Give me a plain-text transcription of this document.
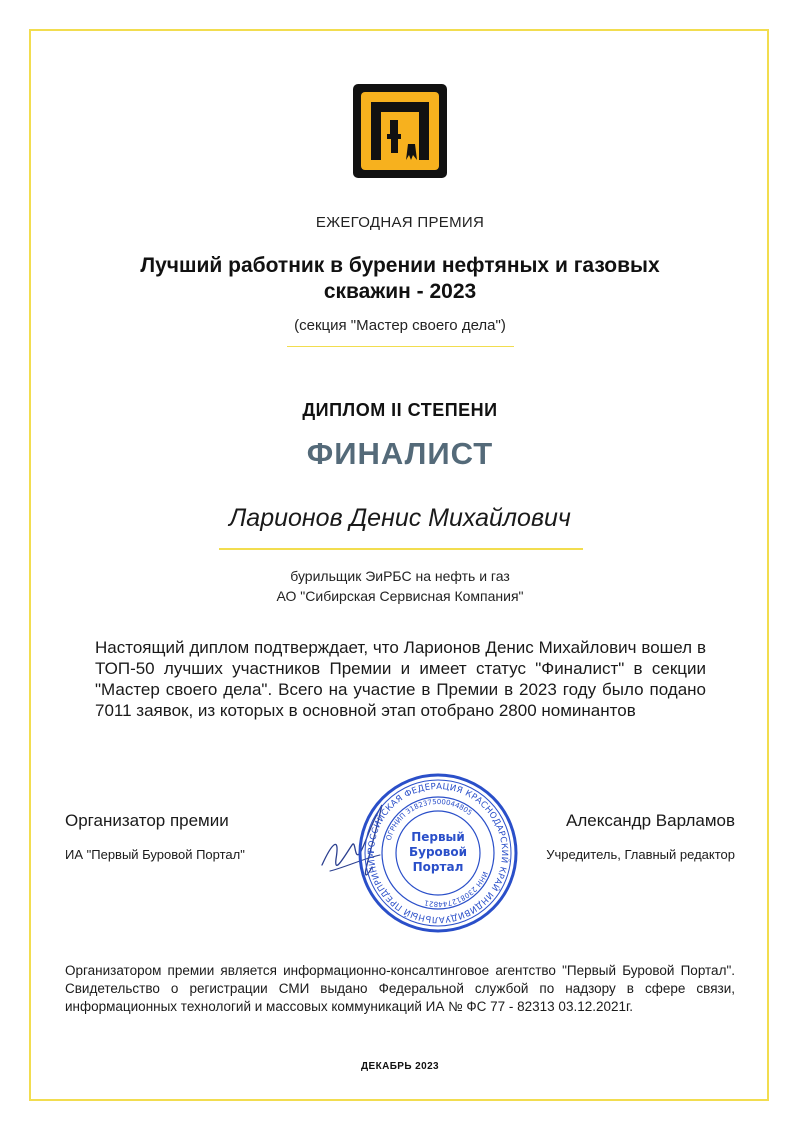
ЕЖЕГОДНАЯ ПРЕМИЯ
Лучший работник в бурении нефтяных и газовых скважин - 2023
(секция "Мастер своего дела")
ДИПЛОМ II СТЕПЕНИ
ФИНАЛИСТ
Ларионов Денис Михайлович
бурильщик ЭиРБС на нефть и газ
АО "Сибирская Сервисная Компания"
Настоящий диплом подтверждает, что Ларионов Денис Михайлович вошел в ТОП-50 лучших участников Премии и имеет статус "Финалист" в секции "Мастер своего дела". Всего на участие в Премии в 2023 году было подано 7011 заявок, из которых в основной этап отобрано 2800 номинантов
Организатор премии
ИА "Первый Буровой Портал"
Александр Варламов
Учредитель, Главный редактор
РОССИЙСКАЯ ФЕДЕРАЦИЯ КРАСНОДАРСКИЙ КРАЙ ИНДИВИДУАЛЬНЫЙ ПРЕДПРИНИМ
ОГРНИП 318237500044805
ИНН 230812744821
Первый
Буровой
Портал
Организатором премии является информационно-консалтинговое агентство "Первый Буровой Портал". Свидетельство о регистрации СМИ выдано Федеральной службой по надзору в сфере связи, информационных технологий и массовых коммуникаций ИА № ФС 77 - 82313 03.12.2021г.
ДЕКАБРЬ 2023
